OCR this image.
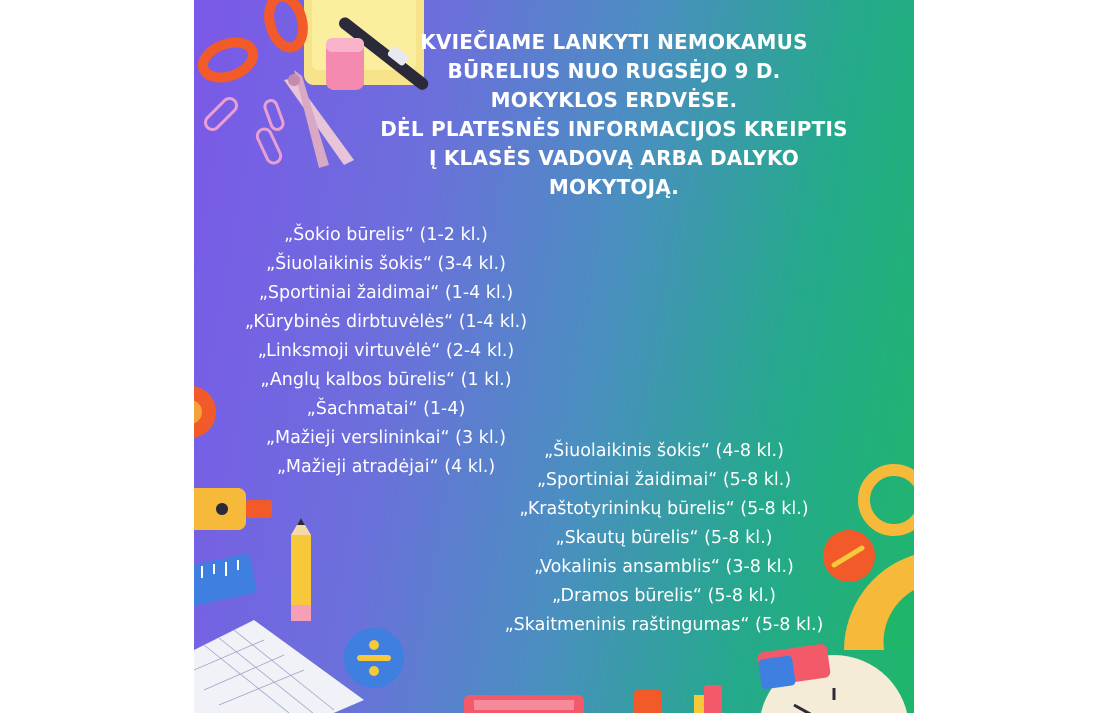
KVIEČIAME LANKYTI NEMOKAMUS
BŪRELIUS NUO RUGSĖJO 9 D.
MOKYKLOS ERDVĖSE.
DĖL PLATESNĖS INFORMACIJOS KREIPTIS
Į KLASĖS VADOVĄ ARBA DALYKO
MOKYTOJĄ.
„Šokio būrelis“ (1-2 kl.)
„Šiuolaikinis šokis“ (3-4 kl.)
„Sportiniai žaidimai“ (1-4 kl.)
„Kūrybinės dirbtuvėlės“ (1-4 kl.)
„Linksmoji virtuvėlė“ (2-4 kl.)
„Anglų kalbos būrelis“ (1 kl.)
„Šachmatai“ (1-4)
„Mažieji verslininkai“ (3 kl.)
„Mažieji atradėjai“ (4 kl.)
„Šiuolaikinis šokis“ (4-8 kl.)
„Sportiniai žaidimai“ (5-8 kl.)
„Kraštotyrininkų būrelis“ (5-8 kl.)
„Skautų būrelis“ (5-8 kl.)
„Vokalinis ansamblis“ (3-8 kl.)
„Dramos būrelis“ (5-8 kl.)
„Skaitmeninis raštingumas“ (5-8 kl.)
